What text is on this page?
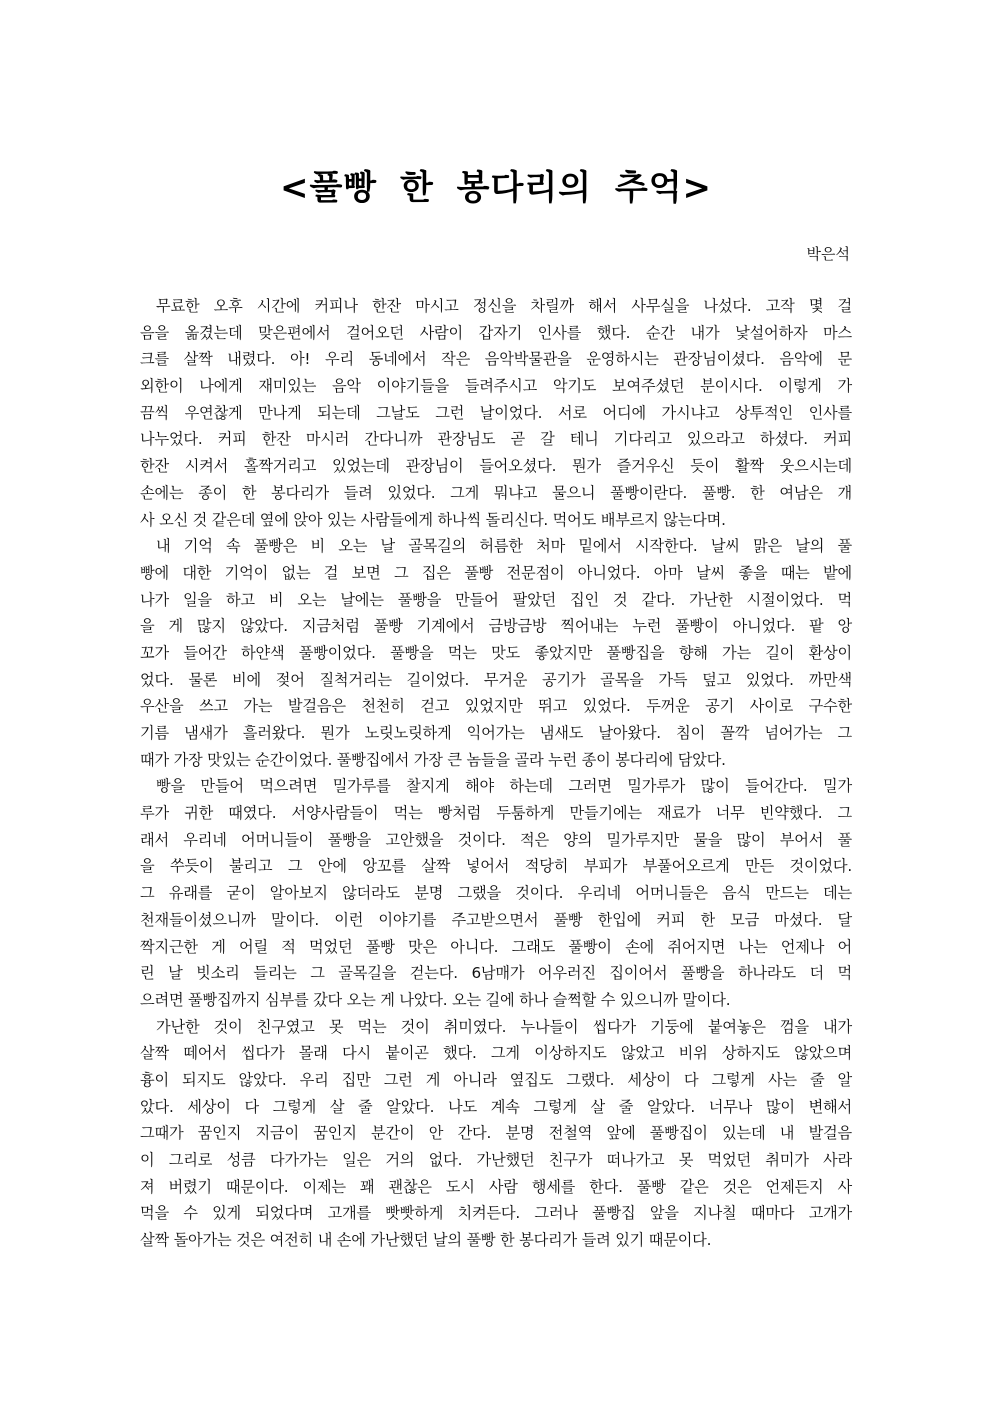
<풀빵 한 봉다리의 추억>
박은석
무료한 오후 시간에 커피나 한잔 마시고 정신을 차릴까 해서 사무실을 나섰다. 고작 몇 걸
음을 옮겼는데 맞은편에서 걸어오던 사람이 갑자기 인사를 했다. 순간 내가 낯설어하자 마스
크를 살짝 내렸다. 아! 우리 동네에서 작은 음악박물관을 운영하시는 관장님이셨다. 음악에 문
외한이 나에게 재미있는 음악 이야기들을 들려주시고 악기도 보여주셨던 분이시다. 이렇게 가
끔씩 우연찮게 만나게 되는데 그날도 그런 날이었다. 서로 어디에 가시냐고 상투적인 인사를
나누었다. 커피 한잔 마시러 간다니까 관장님도 곧 갈 테니 기다리고 있으라고 하셨다. 커피
한잔 시켜서 홀짝거리고 있었는데 관장님이 들어오셨다. 뭔가 즐거우신 듯이 활짝 웃으시는데
손에는 종이 한 봉다리가 들려 있었다. 그게 뭐냐고 물으니 풀빵이란다. 풀빵. 한 여남은 개
사 오신 것 같은데 옆에 앉아 있는 사람들에게 하나씩 돌리신다. 먹어도 배부르지 않는다며.
내 기억 속 풀빵은 비 오는 날 골목길의 허름한 처마 밑에서 시작한다. 날씨 맑은 날의 풀
빵에 대한 기억이 없는 걸 보면 그 집은 풀빵 전문점이 아니었다. 아마 날씨 좋을 때는 밭에
나가 일을 하고 비 오는 날에는 풀빵을 만들어 팔았던 집인 것 같다. 가난한 시절이었다. 먹
을 게 많지 않았다. 지금처럼 풀빵 기계에서 금방금방 찍어내는 누런 풀빵이 아니었다. 팥 앙
꼬가 들어간 하얀색 풀빵이었다. 풀빵을 먹는 맛도 좋았지만 풀빵집을 향해 가는 길이 환상이
었다. 물론 비에 젖어 질척거리는 길이었다. 무거운 공기가 골목을 가득 덮고 있었다. 까만색
우산을 쓰고 가는 발걸음은 천천히 걷고 있었지만 뛰고 있었다. 두꺼운 공기 사이로 구수한
기름 냄새가 흘러왔다. 뭔가 노릿노릿하게 익어가는 냄새도 날아왔다. 침이 꼴깍 넘어가는 그
때가 가장 맛있는 순간이었다. 풀빵집에서 가장 큰 놈들을 골라 누런 종이 봉다리에 담았다.
빵을 만들어 먹으려면 밀가루를 찰지게 해야 하는데 그러면 밀가루가 많이 들어간다. 밀가
루가 귀한 때였다. 서양사람들이 먹는 빵처럼 두툼하게 만들기에는 재료가 너무 빈약했다. 그
래서 우리네 어머니들이 풀빵을 고안했을 것이다. 적은 양의 밀가루지만 물을 많이 부어서 풀
을 쑤듯이 불리고 그 안에 앙꼬를 살짝 넣어서 적당히 부피가 부풀어오르게 만든 것이었다.
그 유래를 굳이 알아보지 않더라도 분명 그랬을 것이다. 우리네 어머니들은 음식 만드는 데는
천재들이셨으니까 말이다. 이런 이야기를 주고받으면서 풀빵 한입에 커피 한 모금 마셨다. 달
짝지근한 게 어릴 적 먹었던 풀빵 맛은 아니다. 그래도 풀빵이 손에 쥐어지면 나는 언제나 어
린 날 빗소리 들리는 그 골목길을 걷는다. 6남매가 어우러진 집이어서 풀빵을 하나라도 더 먹
으려면 풀빵집까지 심부를 갔다 오는 게 나았다. 오는 길에 하나 슬쩍할 수 있으니까 말이다.
가난한 것이 친구였고 못 먹는 것이 취미였다. 누나들이 씹다가 기둥에 붙여놓은 껌을 내가
살짝 떼어서 씹다가 몰래 다시 붙이곤 했다. 그게 이상하지도 않았고 비위 상하지도 않았으며
흉이 되지도 않았다. 우리 집만 그런 게 아니라 옆집도 그랬다. 세상이 다 그렇게 사는 줄 알
았다. 세상이 다 그렇게 살 줄 알았다. 나도 계속 그렇게 살 줄 알았다. 너무나 많이 변해서
그때가 꿈인지 지금이 꿈인지 분간이 안 간다. 분명 전철역 앞에 풀빵집이 있는데 내 발걸음
이 그리로 성큼 다가가는 일은 거의 없다. 가난했던 친구가 떠나가고 못 먹었던 취미가 사라
져 버렸기 때문이다. 이제는 꽤 괜찮은 도시 사람 행세를 한다. 풀빵 같은 것은 언제든지 사
먹을 수 있게 되었다며 고개를 빳빳하게 치켜든다. 그러나 풀빵집 앞을 지나칠 때마다 고개가
살짝 돌아가는 것은 여전히 내 손에 가난했던 날의 풀빵 한 봉다리가 들려 있기 때문이다.
